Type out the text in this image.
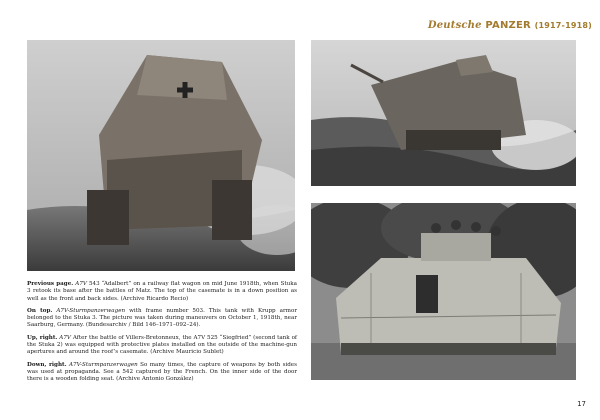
Deutsche PANZER (1917-1918)

Previous page. A7V 543 “Adalbert” on a railway flat wagon on mid June 1918th, when Stuka 3 retook its base after the battles of Matz. The top of the casemate is in a down position as well as the front and back sides. (Archive Ricardo Recio)

On top. A7V-Sturmpanzerwagen with frame number 503. This tank with Krupp armor belonged to the Stuka 3. The picture was taken during maneuvers on October 1, 1918th, near Saarburg, Germany. (Bundesarchiv / Bild 146–1971–092–24).

Up, right. A7V After the battle of Villers-Bretonneux, the A7V 525 “Siegfried” (second tank of the Stuka 2) was equipped with protective plates installed on the outside of the machine-gun apertures and around the roof’s casemate. (Archive Mauricio Sublet)

Down, right. A7V-Sturmpanzerwagen So many times, the capture of weapons by both sides was used at propaganda. See a 542 captured by the French. On the inner side of the door there is a wooden folding seat. (Archive Antonio González)

17
